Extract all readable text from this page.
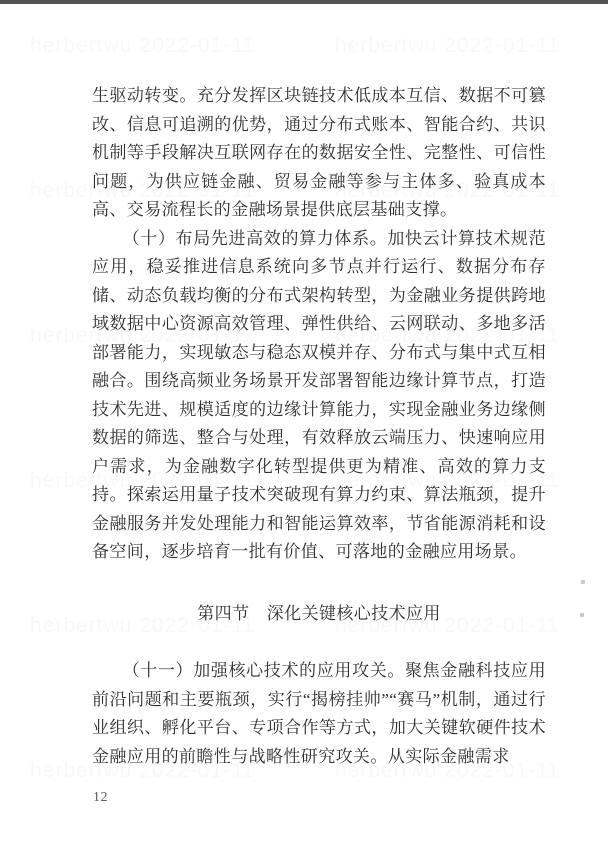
生驱动转变。充分发挥区块链技术低成本互信、数据不可篡改、信息可追溯的优势，通过分布式账本、智能合约、共识机制等手段解决互联网存在的数据安全性、完整性、可信性问题，为供应链金融、贸易金融等参与主体多、验真成本高、交易流程长的金融场景提供底层基础支撑。

（十）布局先进高效的算力体系。加快云计算技术规范应用，稳妥推进信息系统向多节点并行运行、数据分布存储、动态负载均衡的分布式架构转型，为金融业务提供跨地域数据中心资源高效管理、弹性供给、云网联动、多地多活部署能力，实现敏态与稳态双模并存、分布式与集中式互相融合。围绕高频业务场景开发部署智能边缘计算节点，打造技术先进、规模适度的边缘计算能力，实现金融业务边缘侧数据的筛选、整合与处理，有效释放云端压力、快速响应用户需求，为金融数字化转型提供更为精准、高效的算力支持。探索运用量子技术突破现有算力约束、算法瓶颈，提升金融服务并发处理能力和智能运算效率，节省能源消耗和设备空间，逐步培育一批有价值、可落地的金融应用场景。

第四节　深化关键核心技术应用

（十一）加强核心技术的应用攻关。聚焦金融科技应用前沿问题和主要瓶颈，实行“揭榜挂帅”“赛马”机制，通过行业组织、孵化平台、专项合作等方式，加大关键软硬件技术金融应用的前瞻性与战略性研究攻关。从实际金融需求

12
